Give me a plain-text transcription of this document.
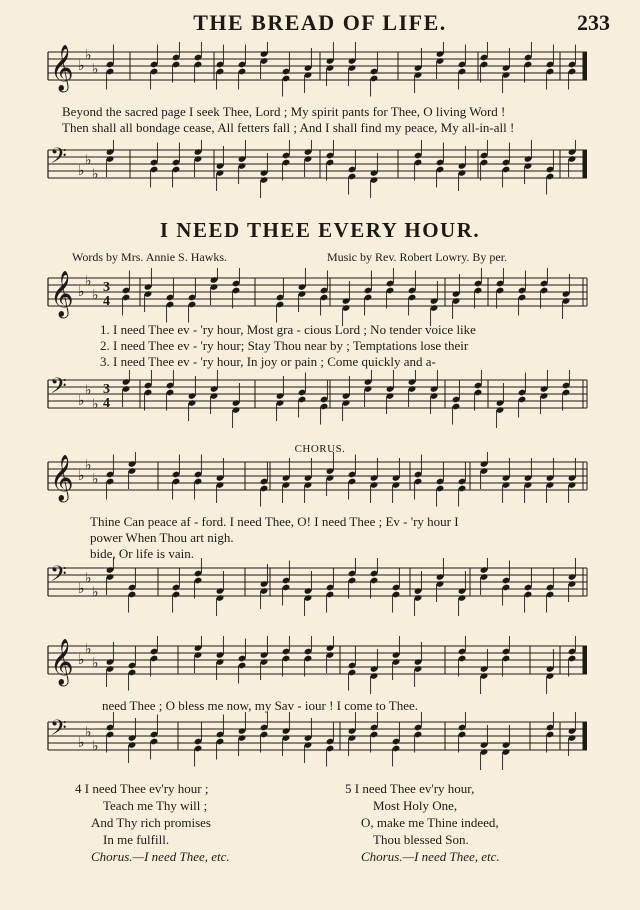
THE BREAD OF LIFE.	233
𝄞 ♭
♭
♭
Beyond the sacred page I seek Thee, Lord ; My spirit pants for Thee, O living Word !
Then shall all bondage cease, All fetters fall ; And I shall find my peace, My all-in-all !
𝄢 ♭
♭
♭
I NEED THEE EVERY HOUR.
Words by Mrs. Annie S. Hawks.	Music by Rev. Robert Lowry. By per.
𝄞 ♭
♭
♭ 3
4
1. I need Thee ev - 'ry hour, Most gra - cious Lord ; No tender voice like
2. I need Thee ev - 'ry hour; Stay Thou near by ; Temptations lose their
3. I need Thee ev - 'ry hour, In joy or pain ; Come quickly and a-
𝄢 ♭
♭
♭
3
4
CHORUS.
𝄞 ♭
♭
♭
Thine Can peace af - ford. I need Thee, O! I need Thee ; Ev - 'ry hour I
power When Thou art nigh.
bide, Or life is vain.
𝄢 ♭
♭
♭
𝄞 ♭
♭
♭
need Thee ; O bless me now, my Sav - iour ! I come to Thee.
𝄢 ♭
♭
♭
4 I need Thee ev'ry hour ;
Teach me Thy will ;
And Thy rich promises
In me fulfill.
Chorus.—I need Thee, etc.
5 I need Thee ev'ry hour,
Most Holy One,
O, make me Thine indeed,
Thou blessed Son.
Chorus.—I need Thee, etc.
